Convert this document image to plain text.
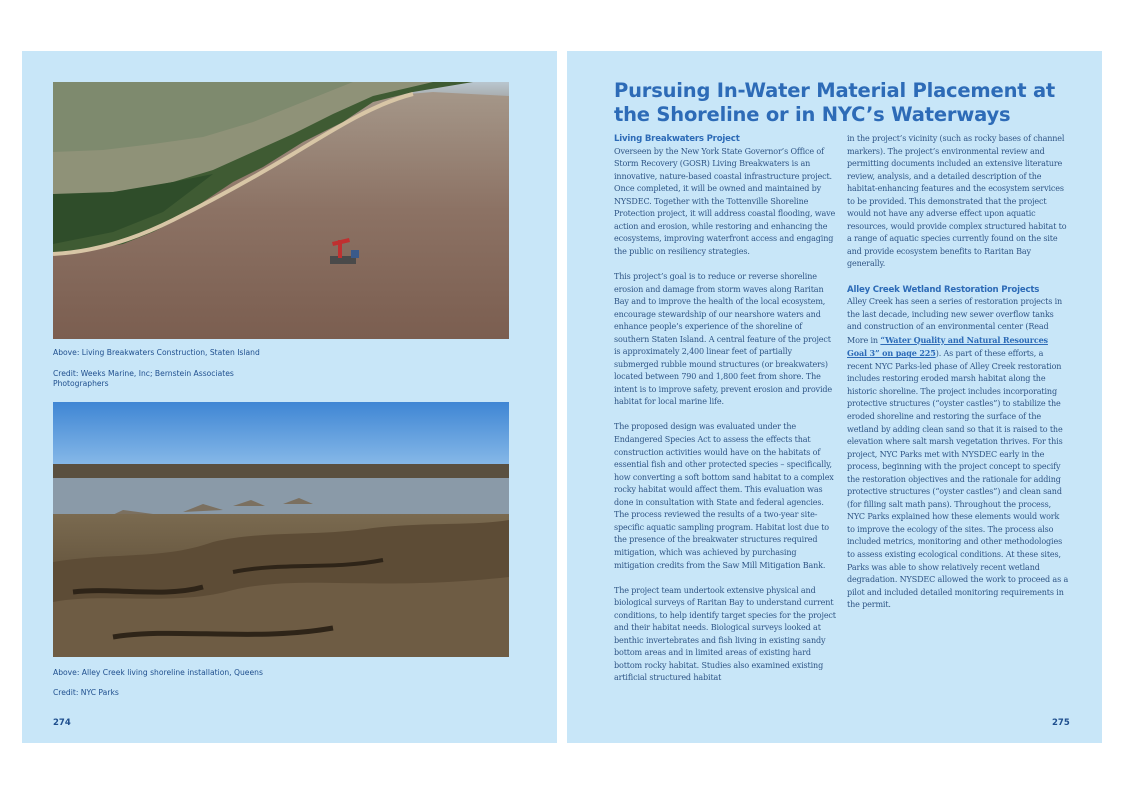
Above: Living Breakwaters Construction, Staten Island
Credit: Weeks Marine, Inc; Bernstein Associates Photographers
Above: Alley Creek living shoreline installation, Queens
Credit: NYC Parks
274
Pursuing In-Water Material Placement at the Shoreline or in NYC’s Waterways
Living Breakwaters Project

Overseen by the New York State Governor’s Office of Storm Recovery (GOSR) Living Breakwaters is an innovative, nature-based coastal infrastructure project. Once completed, it will be owned and maintained by NYSDEC. Together with the Tottenville Shoreline Protection project, it will address coastal flooding, wave action and erosion, while restoring and enhancing the ecosystems, improving waterfront access and engaging the public on resiliency strategies.

This project’s goal is to reduce or reverse shoreline erosion and damage from storm waves along Raritan Bay and to improve the health of the local ecosystem, encourage stewardship of our nearshore waters and enhance people’s experience of the shoreline of southern Staten Island. A central feature of the project is approximately 2,400 linear feet of partially submerged rubble mound structures (or breakwaters) located between 790 and 1,800 feet from shore. The intent is to improve safety, prevent erosion and provide habitat for local marine life.

The proposed design was evaluated under the Endangered Species Act to assess the effects that construction activities would have on the habitats of essential fish and other protected species – specifically, how converting a soft bottom sand habitat to a complex rocky habitat would affect them. This evaluation was done in consultation with State and federal agencies. The process reviewed the results of a two-year site-specific aquatic sampling program. Habitat lost due to the presence of the breakwater structures required mitigation, which was achieved by purchasing mitigation credits from the Saw Mill Mitigation Bank.

The project team undertook extensive physical and biological surveys of Raritan Bay to understand current conditions, to help identify target species for the project and their habitat needs. Biological surveys looked at benthic invertebrates and fish living in existing sandy bottom areas and in limited areas of existing hard bottom rocky habitat. Studies also examined existing artificial structured habitat

in the project’s vicinity (such as rocky bases of channel markers). The project’s environmental review and permitting documents included an extensive literature review, analysis, and a detailed description of the habitat-enhancing features and the ecosystem services to be provided. This demonstrated that the project would not have any adverse effect upon aquatic resources, would provide complex structured habitat to a range of aquatic species currently found on the site and provide ecosystem benefits to Raritan Bay generally.

Alley Creek Wetland Restoration Projects

Alley Creek has seen a series of restoration projects in the last decade, including new sewer overflow tanks and construction of an environmental center (Read More in “Water Quality and Natural Resources Goal 3” on page 225). As part of these efforts, a recent NYC Parks-led phase of Alley Creek restoration includes restoring eroded marsh habitat along the historic shoreline. The project includes incorporating protective structures (“oyster castles”) to stabilize the eroded shoreline and restoring the surface of the wetland by adding clean sand so that it is raised to the elevation where salt marsh vegetation thrives. For this project, NYC Parks met with NYSDEC early in the process, beginning with the project concept to specify the restoration objectives and the rationale for adding protective structures (“oyster castles”) and clean sand (for filling salt math pans). Throughout the process, NYC Parks explained how these elements would work to improve the ecology of the sites. The process also included metrics, monitoring and other methodologies to assess existing ecological conditions. At these sites, Parks was able to show relatively recent wetland degradation. NYSDEC allowed the work to proceed as a pilot and included detailed monitoring requirements in the permit.

275
